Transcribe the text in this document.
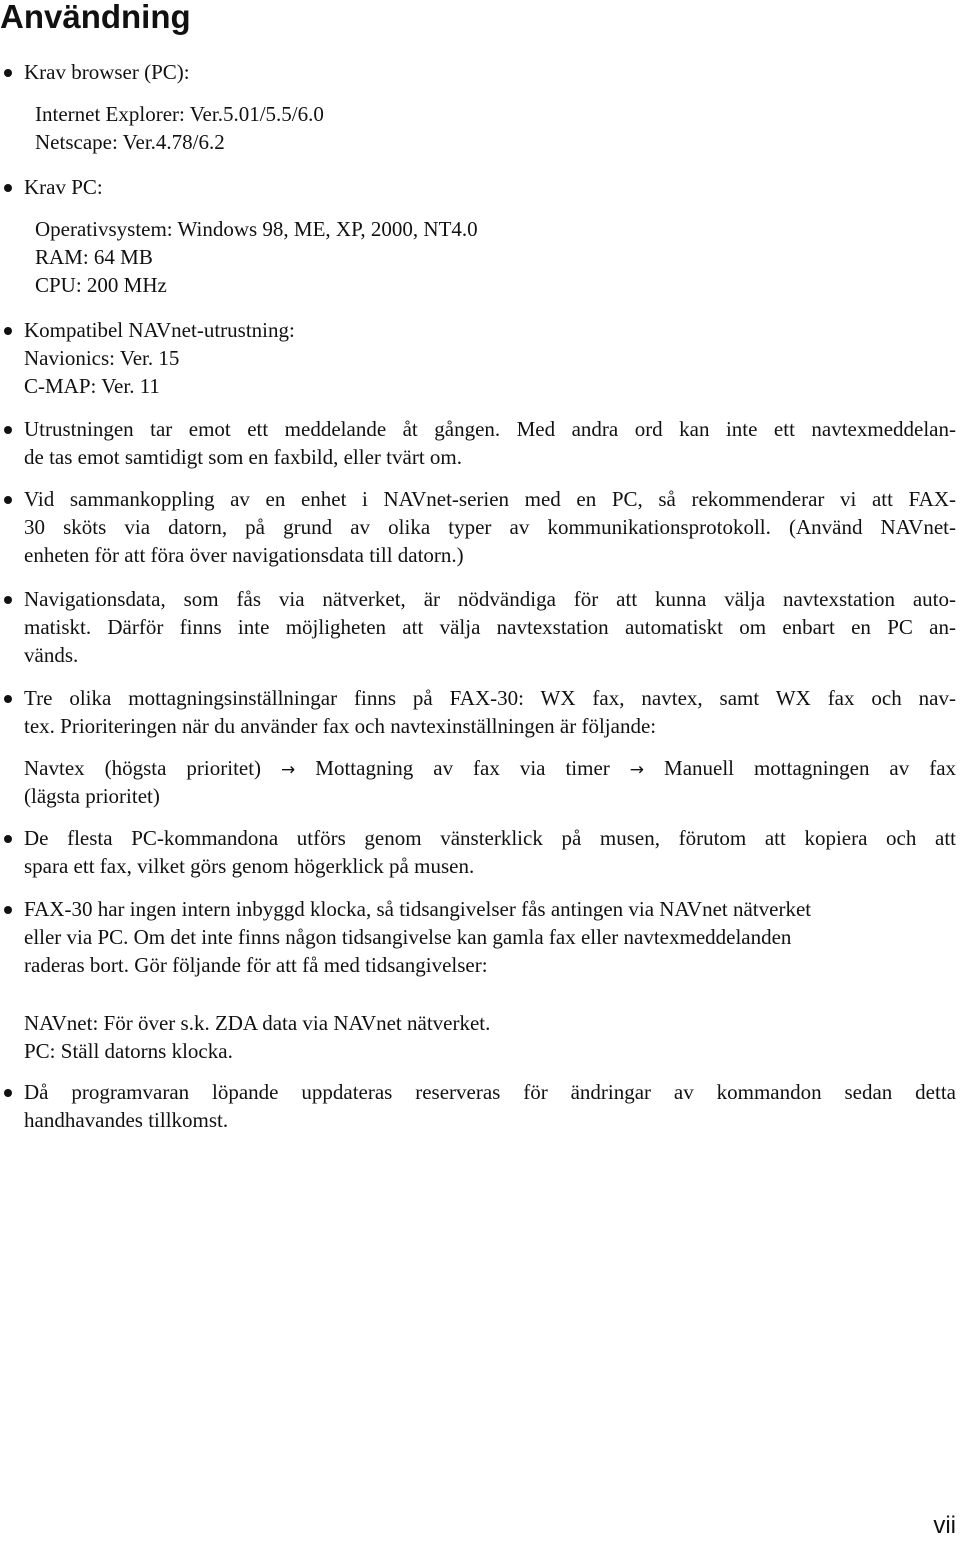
Användning

Krav browser (PC):

Internet Explorer: Ver.5.01/5.5/6.0

Netscape: Ver.4.78/6.2

Krav PC:

Operativsystem: Windows 98, ME, XP, 2000, NT4.0

RAM: 64 MB

CPU: 200 MHz

Kompatibel NAVnet-utrustning:

Navionics: Ver. 15

C-MAP: Ver. 11

Utrustningen tar emot ett meddelande åt gången. Med andra ord kan inte ett navtexmeddelan-

de tas emot samtidigt som en faxbild, eller tvärt om.

Vid sammankoppling av en enhet i NAVnet-serien med en PC, så rekommenderar vi att FAX-

30 sköts via datorn, på grund av olika typer av kommunikationsprotokoll. (Använd NAVnet-

enheten för att föra över navigationsdata till datorn.)

Navigationsdata, som fås via nätverket, är nödvändiga för att kunna välja navtexstation auto-

matiskt. Därför finns inte möjligheten att välja navtexstation automatiskt om enbart en PC an-

vänds.

Tre olika mottagningsinställningar finns på FAX-30: WX fax, navtex, samt WX fax och nav-

tex. Prioriteringen när du använder fax och navtexinställningen är följande:

Navtex (högsta prioritet) → Mottagning av fax via timer → Manuell mottagningen av fax

(lägsta prioritet)

De flesta PC-kommandona utförs genom vänsterklick på musen, förutom att kopiera och att

spara ett fax, vilket görs genom högerklick på musen.

FAX-30 har ingen intern inbyggd klocka, så tidsangivelser fås antingen via NAVnet nätverket

eller via PC. Om det inte finns någon tidsangivelse kan gamla fax eller navtexmeddelanden

raderas bort. Gör följande för att få med tidsangivelser:

NAVnet: För över s.k. ZDA data via NAVnet nätverket.

PC: Ställ datorns klocka.

Då programvaran löpande uppdateras reserveras för ändringar av kommandon sedan detta

handhavandes tillkomst.

vii
